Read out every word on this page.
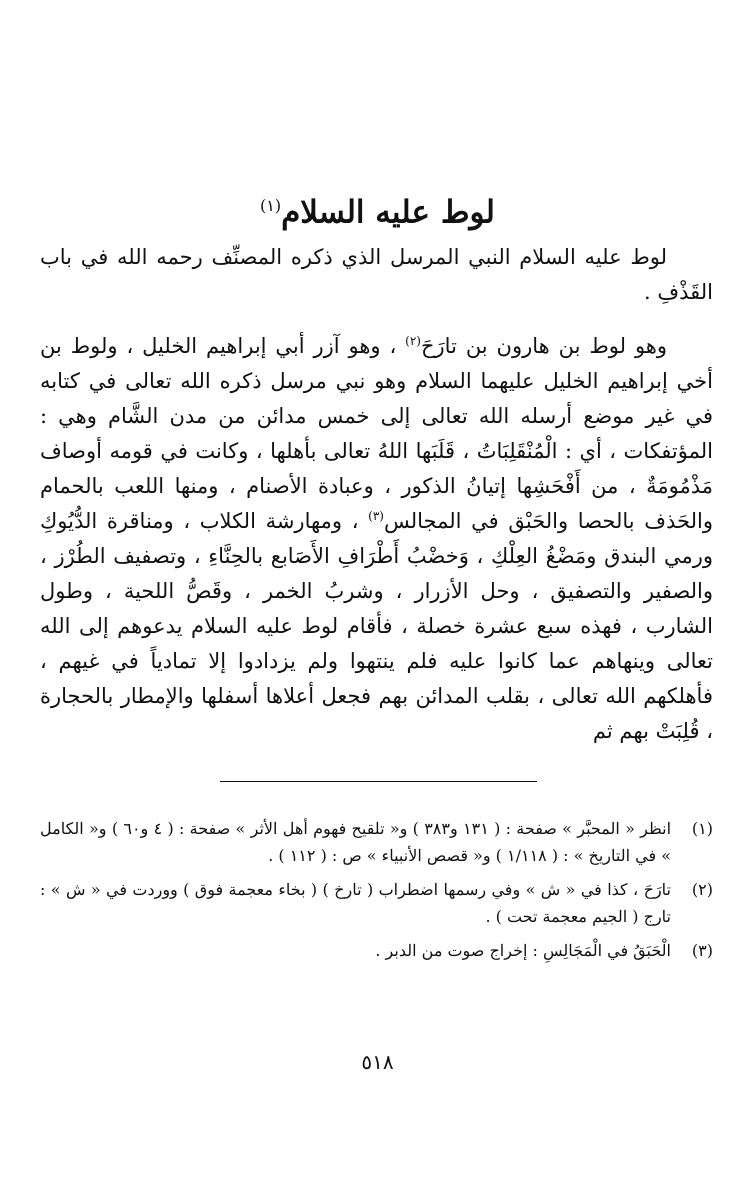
لوط عليه السلام$^{(١)}$

لوط عليه السلام النبي المرسل الذي ذكره المصنِّف رحمه الله في باب القَذْفِ .

وهو لوط بن هارون بن تارَحَ$^{(٢)}$ ، وهو آزر أبي إبراهيم الخليل ، ولوط بن أخي إبراهيم الخليل عليهما السلام وهو نبي مرسل ذكره الله تعالى في كتابه في غير موضع أرسله الله تعالى إلى خمس مدائن من مدن الشَّام وهي : المؤتفكات ، أي : الْمُنْقَلِبَاتُ ، قَلَبَها اللهُ تعالى بأهلها ، وكانت في قومه أوصاف مَذْمُومَةٌ ، من أَفْحَشِها إتيانُ الذكور ، وعبادة الأصنام ، ومنها اللعب بالحمام والحَذف بالحصا والحَبْق في المجالس$^{(٣)}$ ، ومهارشة الكلاب ، ومناقرة الدُّيُوكِ ورمي البندق ومَضْغُ العِلْكِ ، وَخضْبُ أَطْرَافِ الأَصَابع بالحِنَّاءِ ، وتصفيف الطُرْز ، والصفير والتصفيق ، وحل الأزرار ، وشربُ الخمر ، وقَصُّ اللحية ، وطول الشارب ، فهذه سبع عشرة خصلة ، فأقام لوط عليه السلام يدعوهم إلى الله تعالى وينهاهم عما كانوا عليه فلم ينتهوا ولم يزدادوا إلا تمادياً في غيهم ، فأهلكهم الله تعالى ، بقلب المدائن بهم فجعل أعلاها أسفلها والإمطار بالحجارة ، قُلِبَتْ بهم ثم

(١)
انظر « المحبَّر » صفحة : ( ١٣١ و٣٨٣ ) و« تلقيح فهوم أهل الأثر » صفحة : ( ٤ و٦٠ ) و« الكامل » في التاريخ » : ( ١/١١٨ ) و« قصص الأنبياء » ص : ( ١١٢ ) .
(٢)
تارَحَ ، كذا في « ش » وفي رسمها اضطراب ( تارخ ) ( بخاء معجمة فوق ) ووردت في « ش » : تارج ( الجيم معجمة تحت ) .
(٣)
الْحَبَقُ في الْمَجَالِسِ : إخراج صوت من الدبر .
٥١٨
